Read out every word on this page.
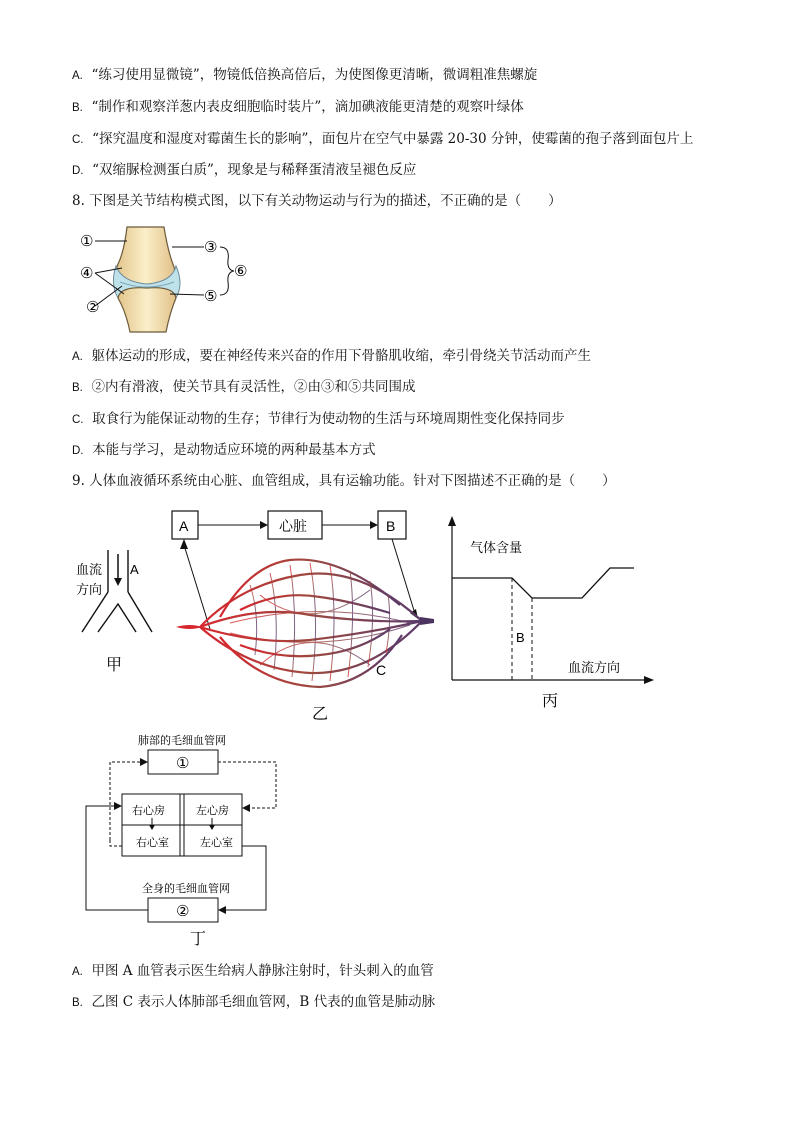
A. “练习使用显微镜”，物镜低倍换高倍后，为使图像更清晰，微调粗准焦螺旋
B. “制作和观察洋葱内表皮细胞临时装片”，滴加碘液能更清楚的观察叶绿体
C. “探究温度和湿度对霉菌生长的影响”，面包片在空气中暴露 20-30 分钟，使霉菌的孢子落到面包片上
D. “双缩脲检测蛋白质”，现象是与稀释蛋清液呈褪色反应
8. 下图是关节结构模式图，以下有关动物运动与行为的描述，不正确的是（　　）
①	③
④	⑥
②
⑤
A. 躯体运动的形成，要在神经传来兴奋的作用下骨骼肌收缩，牵引骨绕关节活动而产生
B. ②内有滑液，使关节具有灵活性，②由③和⑤共同围成
C. 取食行为能保证动物的生存；节律行为使动物的生活与环境周期性变化保持同步
D. 本能与学习，是动物适应环境的两种最基本方式
9. 人体血液循环系统由心脏、血管组成，具有运输功能。针对下图描述不正确的是（　　）
血流
方向
A
甲
A	心脏	B
C
乙
气体含量
血流方向
B
丙
肺部的毛细血管网
①
右心房	左心房
右心室	左心室
全身的毛细血管网
②
丁
A. 甲图 A 血管表示医生给病人静脉注射时，针头刺入的血管
B. 乙图 C 表示人体肺部毛细血管网，B 代表的血管是肺动脉
